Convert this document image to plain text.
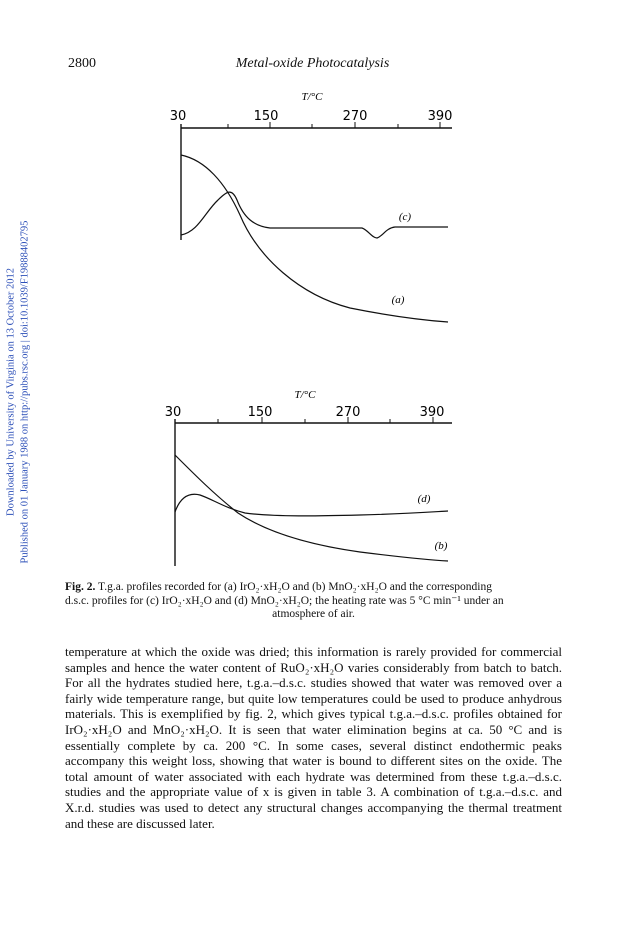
2800	Metal-oxide Photocatalysis
Downloaded by University of Virginia on 13 October 2012 Published on 01 January 1988 on http://pubs.rsc.org | doi:10.1039/F19888402795
T/°C
30	150	270	390
(c)
(a)
T/°C
30	150	270	390
(d)
(b)
Fig. 2. T.g.a. profiles recorded for (a) IrO₂·xH₂O and (b) MnO₂·xH₂O and the corresponding
d.s.c. profiles for (c) IrO₂·xH₂O and (d) MnO₂·xH₂O; the heating rate was 5 °C min⁻¹ under an
atmosphere of air.
temperature at which the oxide was dried; this information is rarely provided for commercial samples and hence the water content of RuO₂·xH₂O varies considerably from batch to batch. For all the hydrates studied here, t.g.a.–d.s.c. studies showed that water was removed over a fairly wide temperature range, but quite low temperatures could be used to produce anhydrous materials. This is exemplified by fig. 2, which gives typical t.g.a.–d.s.c. profiles obtained for IrO₂·xH₂O and MnO₂·xH₂O. It is seen that water elimination begins at ca. 50 °C and is essentially complete by ca. 200 °C. In some cases, several distinct endothermic peaks accompany this weight loss, showing that water is bound to different sites on the oxide. The total amount of water associated with each hydrate was determined from these t.g.a.–d.s.c. studies and the appropriate value of x is given in table 3. A combination of t.g.a.–d.s.c. and X.r.d. studies was used to detect any structural changes accompanying the thermal treatment and these are discussed later.
